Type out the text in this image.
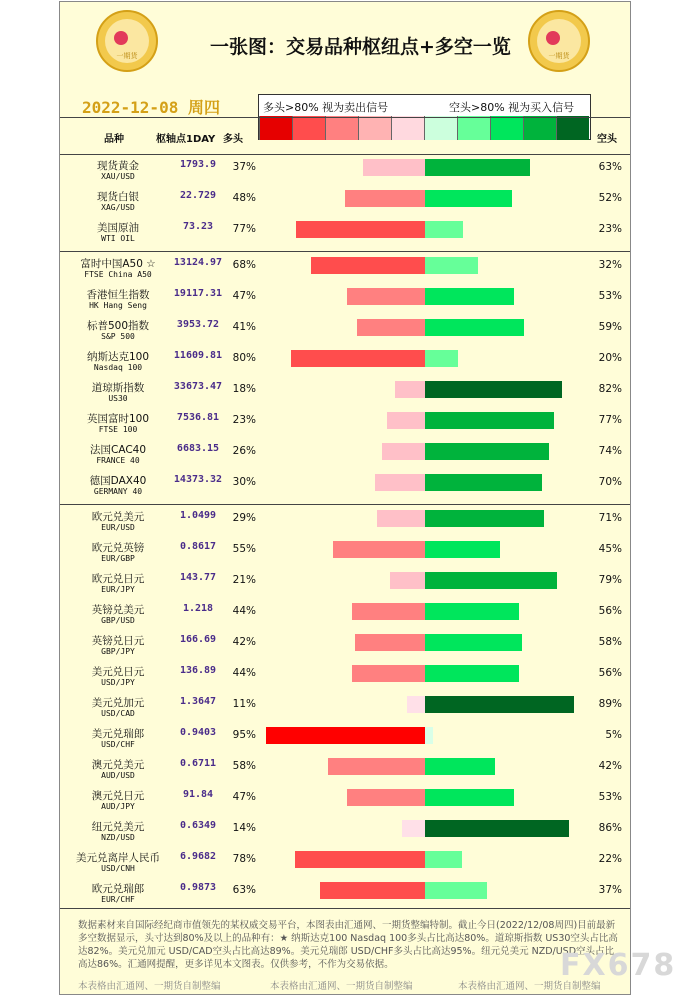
一期货	一期货
一张图：交易品种枢纽点+多空一览
2022-12-08 周四	多头>80% 视为卖出信号	空头>80% 视为买入信号
品种	枢轴点1DAY 多头	空头
现货黄金
XAU/USD
1793.9	37%	63%
现货白银
XAG/USD
22.729	48%	52%
美国原油
WTI OIL
73.23	77%	23%
富时中国A50 ☆
FTSE China A50
13124.97	68%	32%
香港恒生指数
HK Hang Seng
19117.31	47%	53%
标普500指数
S&P 500
3953.72	41%	59%
纳斯达克100
Nasdaq 100
11609.81	80%	20%
道琼斯指数
US30
33673.47	18%	82%
英国富时100
FTSE 100
7536.81	23%	77%
法国CAC40
FRANCE 40
6683.15	26%	74%
德国DAX40
GERMANY 40
14373.32	30%	70%
欧元兑美元
EUR/USD
1.0499	29%	71%
欧元兑英镑
EUR/GBP
0.8617	55%	45%
欧元兑日元
EUR/JPY
143.77	21%	79%
英镑兑美元
GBP/USD
1.218	44%	56%
英镑兑日元
GBP/JPY
166.69	42%	58%
美元兑日元
USD/JPY
136.89	44%	56%
美元兑加元
USD/CAD
1.3647	11%	89%
美元兑瑞郎
USD/CHF
0.9403	95%	5%
澳元兑美元
AUD/USD
0.6711	58%	42%
澳元兑日元
AUD/JPY
91.84	47%	53%
纽元兑美元
NZD/USD
0.6349	14%	86%
美元兑离岸人民币
USD/CNH
6.9682	78%	22%
欧元兑瑞郎
EUR/CHF
0.9873	63%	37%
数据素材来自国际经纪商市值领先的某权威交易平台，本图表由汇通网、一期货整编特制。截止今日(2022/12/08周四)目前最新多空数据显示，头寸达到80%及以上的品种有：★ 纳斯达克100 Nasdaq 100多头占比高达80%。道琼斯指数 US30空头占比高达82%。美元兑加元 USD/CAD空头占比高达89%。美元兑瑞郎 USD/CHF多头占比高达95%。纽元兑美元 NZD/USD空头占比高达86%。汇通网提醒，更多详见本文图表。仅供参考，不作为交易依据。
本表格由汇通网、一期货自制整编	本表格由汇通网、一期货自制整编	本表格由汇通网、一期货自制整编
FX678
